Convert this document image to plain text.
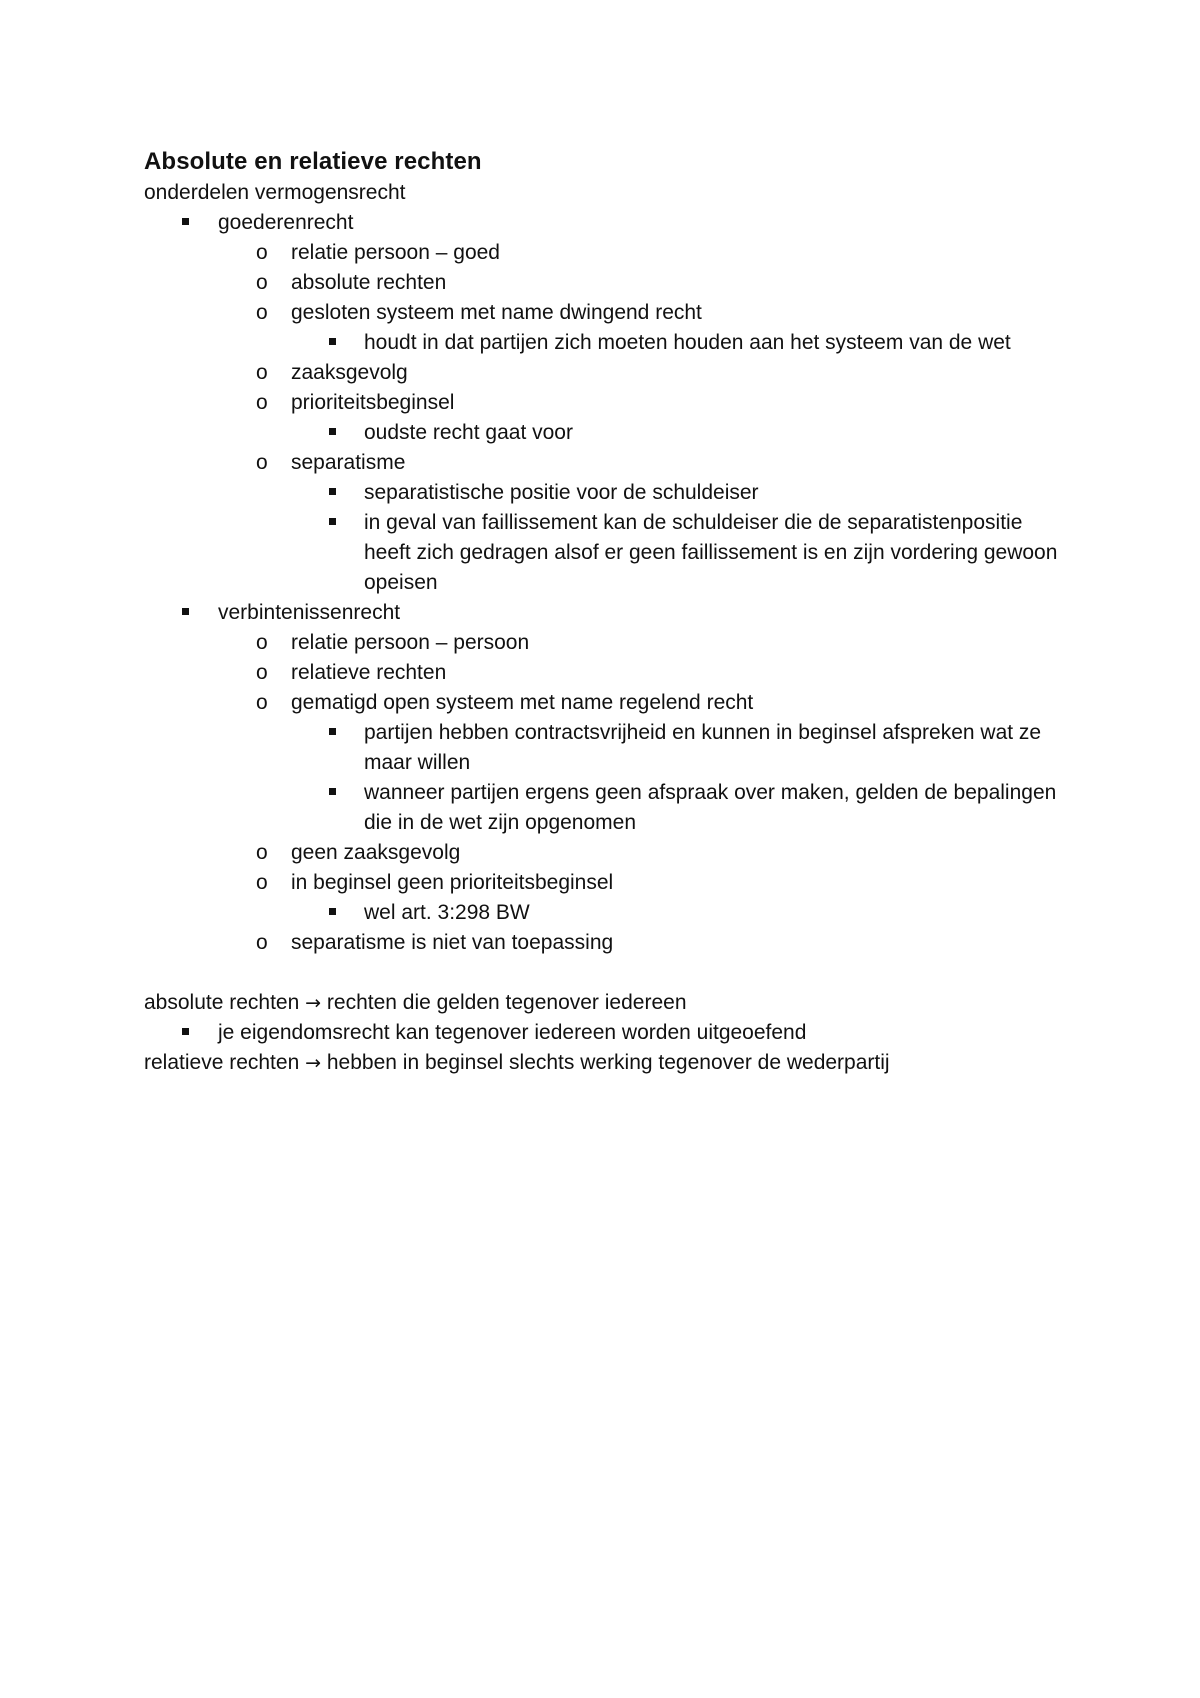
Absolute en relatieve rechten
onderdelen vermogensrecht
goederenrecht
o relatie persoon – goed
o absolute rechten
o gesloten systeem met name dwingend recht
houdt in dat partijen zich moeten houden aan het systeem van de wet
o zaaksgevolg
o prioriteitsbeginsel
oudste recht gaat voor
o separatisme
separatistische positie voor de schuldeiser
in geval van faillissement kan de schuldeiser die de separatistenpositie heeft zich gedragen alsof er geen faillissement is en zijn vordering gewoon opeisen
verbintenissenrecht
o relatie persoon – persoon
o relatieve rechten
o gematigd open systeem met name regelend recht
partijen hebben contractsvrijheid en kunnen in beginsel afspreken wat ze maar willen
wanneer partijen ergens geen afspraak over maken, gelden de bepalingen die in de wet zijn opgenomen
o geen zaaksgevolg
o in beginsel geen prioriteitsbeginsel
wel art. 3:298 BW
o separatisme is niet van toepassing
absolute rechten → rechten die gelden tegenover iedereen
je eigendomsrecht kan tegenover iedereen worden uitgeoefend
relatieve rechten → hebben in beginsel slechts werking tegenover de wederpartij
